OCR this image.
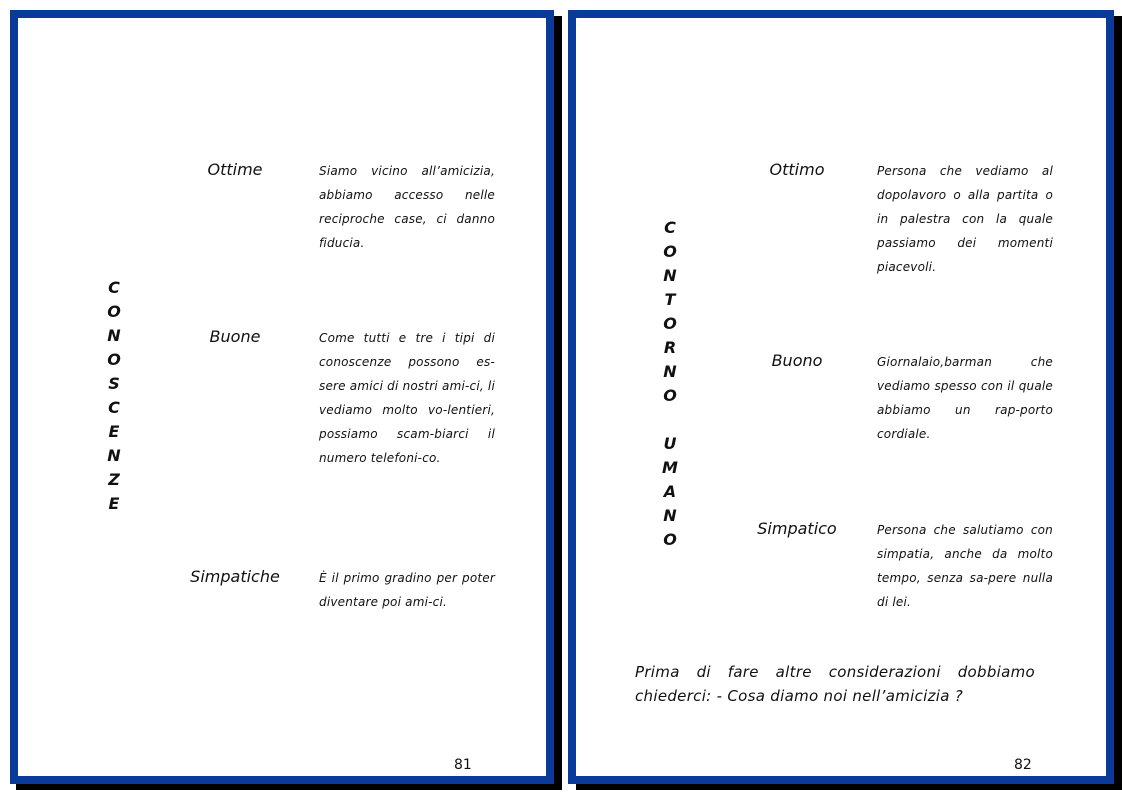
C
O
N
O
S
C
E
N
Z
E
Ottime	Siamo vicino all’amicizia, abbiamo accesso nelle reciproche case, ci danno fiducia.
Buone	Come tutti e tre i tipi di conoscenze possono es-sere amici di nostri ami-ci, li vediamo molto vo-lentieri, possiamo scam-biarci il numero telefoni-co.
Simpatiche	È il primo gradino per poter diventare poi ami-ci.
81
C
O
N
T
O
R
N
O
U
M
A
N
O
Ottimo	Persona che vediamo al dopolavoro o alla partita o in palestra con la quale passiamo dei momenti piacevoli.
Buono	Giornalaio,barman che vediamo spesso con il quale abbiamo un rap-porto cordiale.
Simpatico	Persona che salutiamo con simpatia, anche da molto tempo, senza sa-pere nulla di lei.
Prima di fare altre considerazioni dobbiamo chiederci: - Cosa diamo noi nell’amicizia ?
82
